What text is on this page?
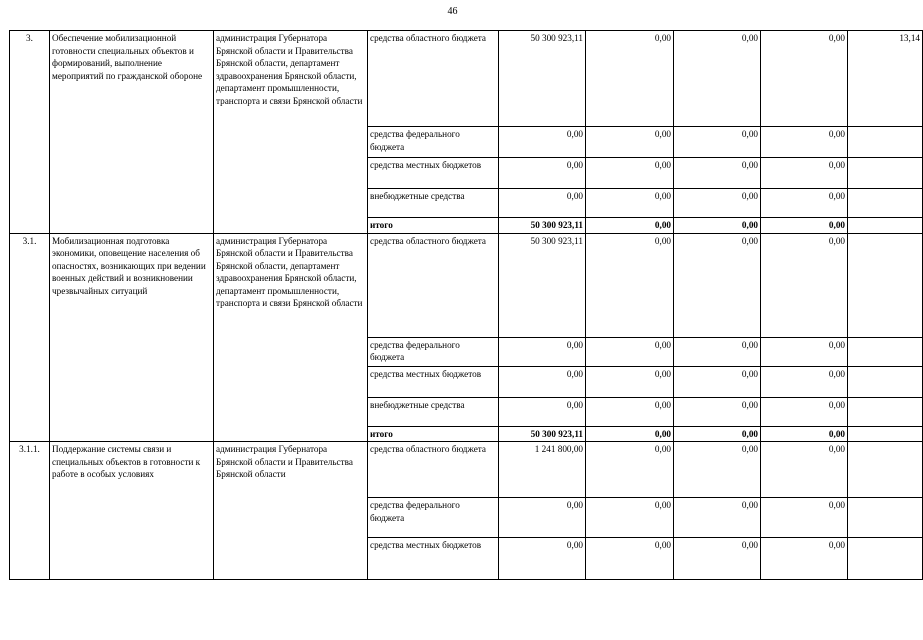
46
3.	Обеспечение мобилизационной готовности специальных объектов и формирований, выполнение мероприятий по гражданской обороне	администрация Губернатора Брянской области и Правительства Брянской области, департамент здравоохранения Брянской области, департамент промышленности, транспорта и связи Брянской области	средства областного бюджета	50 300 923,11	0,00	0,00	0,00	13,14
			средства федерального бюджета	0,00	0,00	0,00	0,00	
			средства местных бюджетов	0,00	0,00	0,00	0,00	
			внебюджетные средства	0,00	0,00	0,00	0,00	
			итого	50 300 923,11	0,00	0,00	0,00	
3.1.	Мобилизационная подготовка экономики, оповещение населения об опасностях, возникающих при ведении военных действий и возникновении чрезвычайных ситуаций	администрация Губернатора Брянской области и Правительства Брянской области, департамент здравоохранения Брянской области, департамент промышленности, транспорта и связи Брянской области	средства областного бюджета	50 300 923,11	0,00	0,00	0,00	
			средства федерального бюджета	0,00	0,00	0,00	0,00	
			средства местных бюджетов	0,00	0,00	0,00	0,00	
			внебюджетные средства	0,00	0,00	0,00	0,00	
			итого	50 300 923,11	0,00	0,00	0,00	
3.1.1.	Поддержание системы связи и специальных объектов в готовности к работе в особых условиях	администрация Губернатора Брянской области и Правительства Брянской области	средства областного бюджета	1 241 800,00	0,00	0,00	0,00	
			средства федерального бюджета	0,00	0,00	0,00	0,00	
			средства местных бюджетов	0,00	0,00	0,00	0,00	
